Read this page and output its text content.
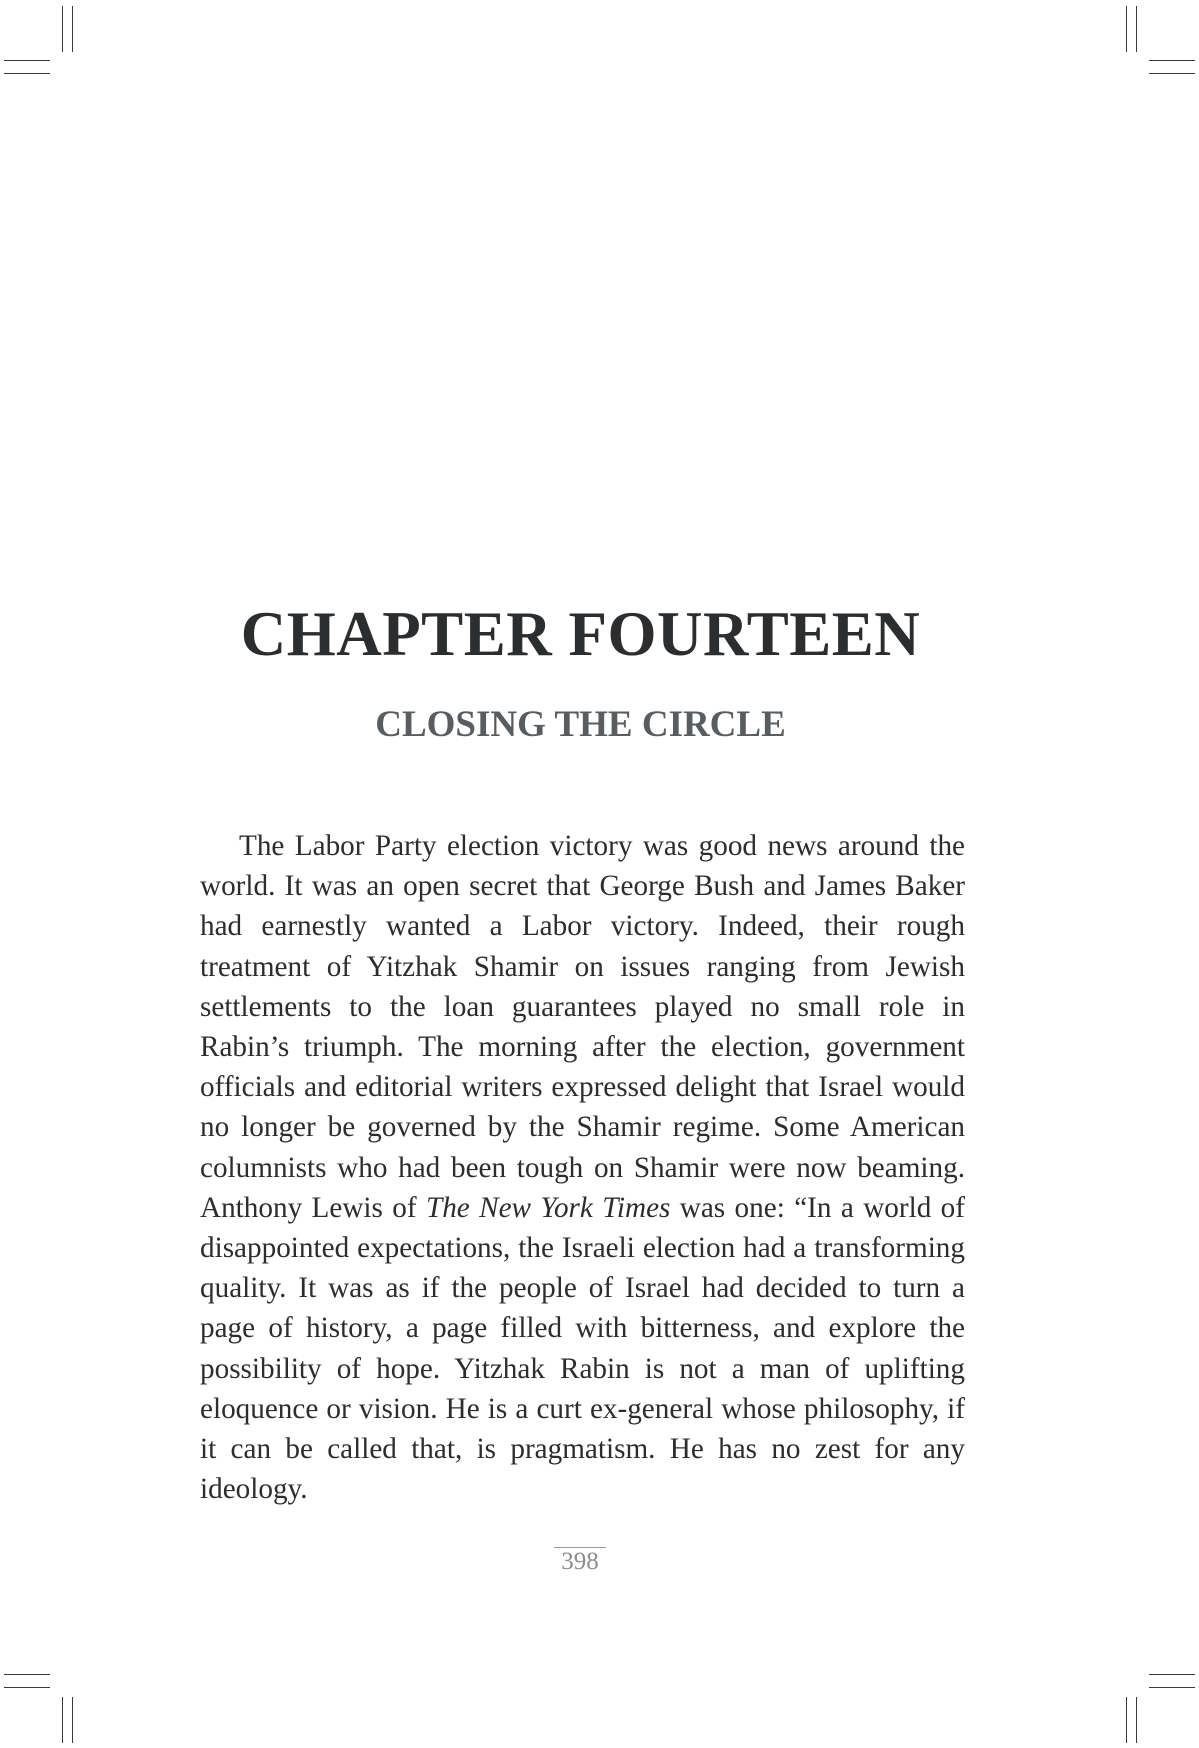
CHAPTER FOURTEEN
CLOSING THE CIRCLE

The Labor Party election victory was good news around the world. It was an open secret that George Bush and James Baker had earnestly wanted a Labor victory. Indeed, their rough treatment of Yitzhak Shamir on issues ranging from Jewish settlements to the loan guarantees played no small role in Rabin’s triumph. The morning after the election, government officials and editorial writers expressed delight that Israel would no longer be governed by the Shamir regime. Some American columnists who had been tough on Shamir were now beaming. Anthony Lewis of The New York Times was one: “In a world of disappointed expectations, the Israeli election had a transforming quality. It was as if the people of Israel had decided to turn a page of history, a page filled with bitterness, and explore the possibility of hope. Yitzhak Rabin is not a man of uplifting eloquence or vision. He is a curt ex-general whose philosophy, if it can be called that, is pragmatism. He has no zest for any ideology.

398
